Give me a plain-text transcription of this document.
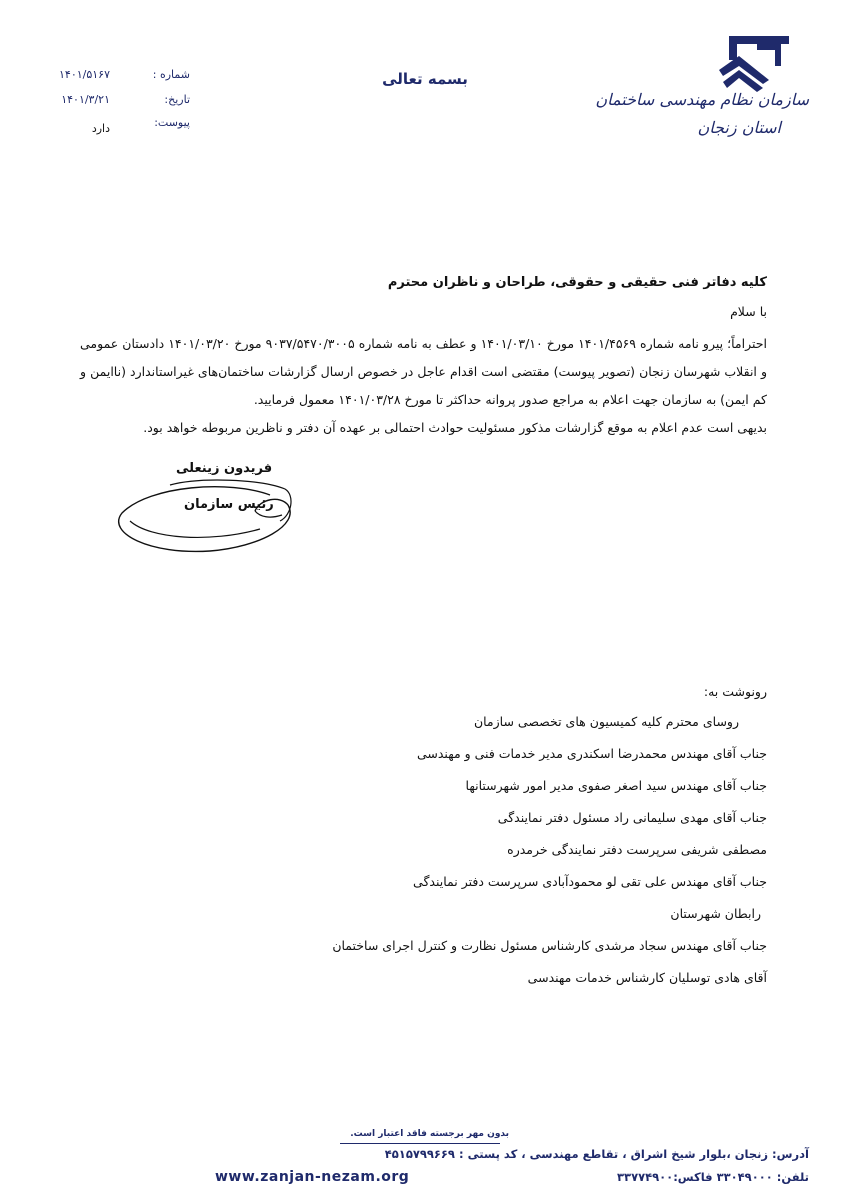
سازمان نظام مهندسی ساختمان
استان زنجان
بسمه تعالی
شماره :
۱۴۰۱/۵۱۶۷
تاریخ:
۱۴۰۱/۳/۲۱
پیوست:
دارد
کلیه دفاتر فنی حقیقی و حقوقی، طراحان و ناظران محترم
با سلام

احتراماً؛ پیرو نامه شماره ۱۴۰۱/۴۵۶۹ مورخ ۱۴۰۱/۰۳/۱۰ و عطف به نامه شماره ۹۰۳۷/۵۴۷۰/۳۰۰۵ مورخ ۱۴۰۱/۰۳/۲۰ دادستان عمومی و انقلاب شهرسان زنجان (تصویر پیوست) مقتضی است اقدام عاجل در خصوص ارسال گزارشات ساختمان‌های غیراستاندارد (ناایمن و کم ایمن) به سازمان جهت اعلام به مراجع صدور پروانه حداکثر تا مورخ ۱۴۰۱/۰۳/۲۸ معمول فرمایید.

بدیهی است عدم اعلام به موقع گزارشات مذکور مسئولیت حوادث احتمالی بر عهده آن دفتر و ناظرین مربوطه خواهد بود.

فریدون زینعلی
رئیس سازمان
رونوشت به:
روسای محترم کلیه کمیسیون های تخصصی سازمان
جناب آقای مهندس محمدرضا اسکندری مدیر خدمات فنی و مهندسی
جناب آقای مهندس سید اصغر صفوی مدیر امور شهرستانها
جناب آقای مهدی سلیمانی راد مسئول دفتر نمایندگی
مصطفی شریفی سرپرست دفتر نمایندگی خرمدره
جناب آقای مهندس علی تقی لو محمودآبادی سرپرست دفتر نمایندگی
رابطان شهرستان
جناب آقای مهندس سجاد مرشدی کارشناس مسئول نظارت و کنترل اجرای ساختمان
آقای هادی توسلیان کارشناس خدمات مهندسی
بدون مهر برجسته فاقد اعتبار است.
آدرس: زنجان ،بلوار شیخ اشراق ، تقاطع مهندسی ، کد پستی : ۴۵۱۵۷۹۹۶۶۹
تلفن: ۳۳۰۴۹۰۰۰ فاکس:۳۳۷۷۴۹۰۰
www.zanjan-nezam.org
